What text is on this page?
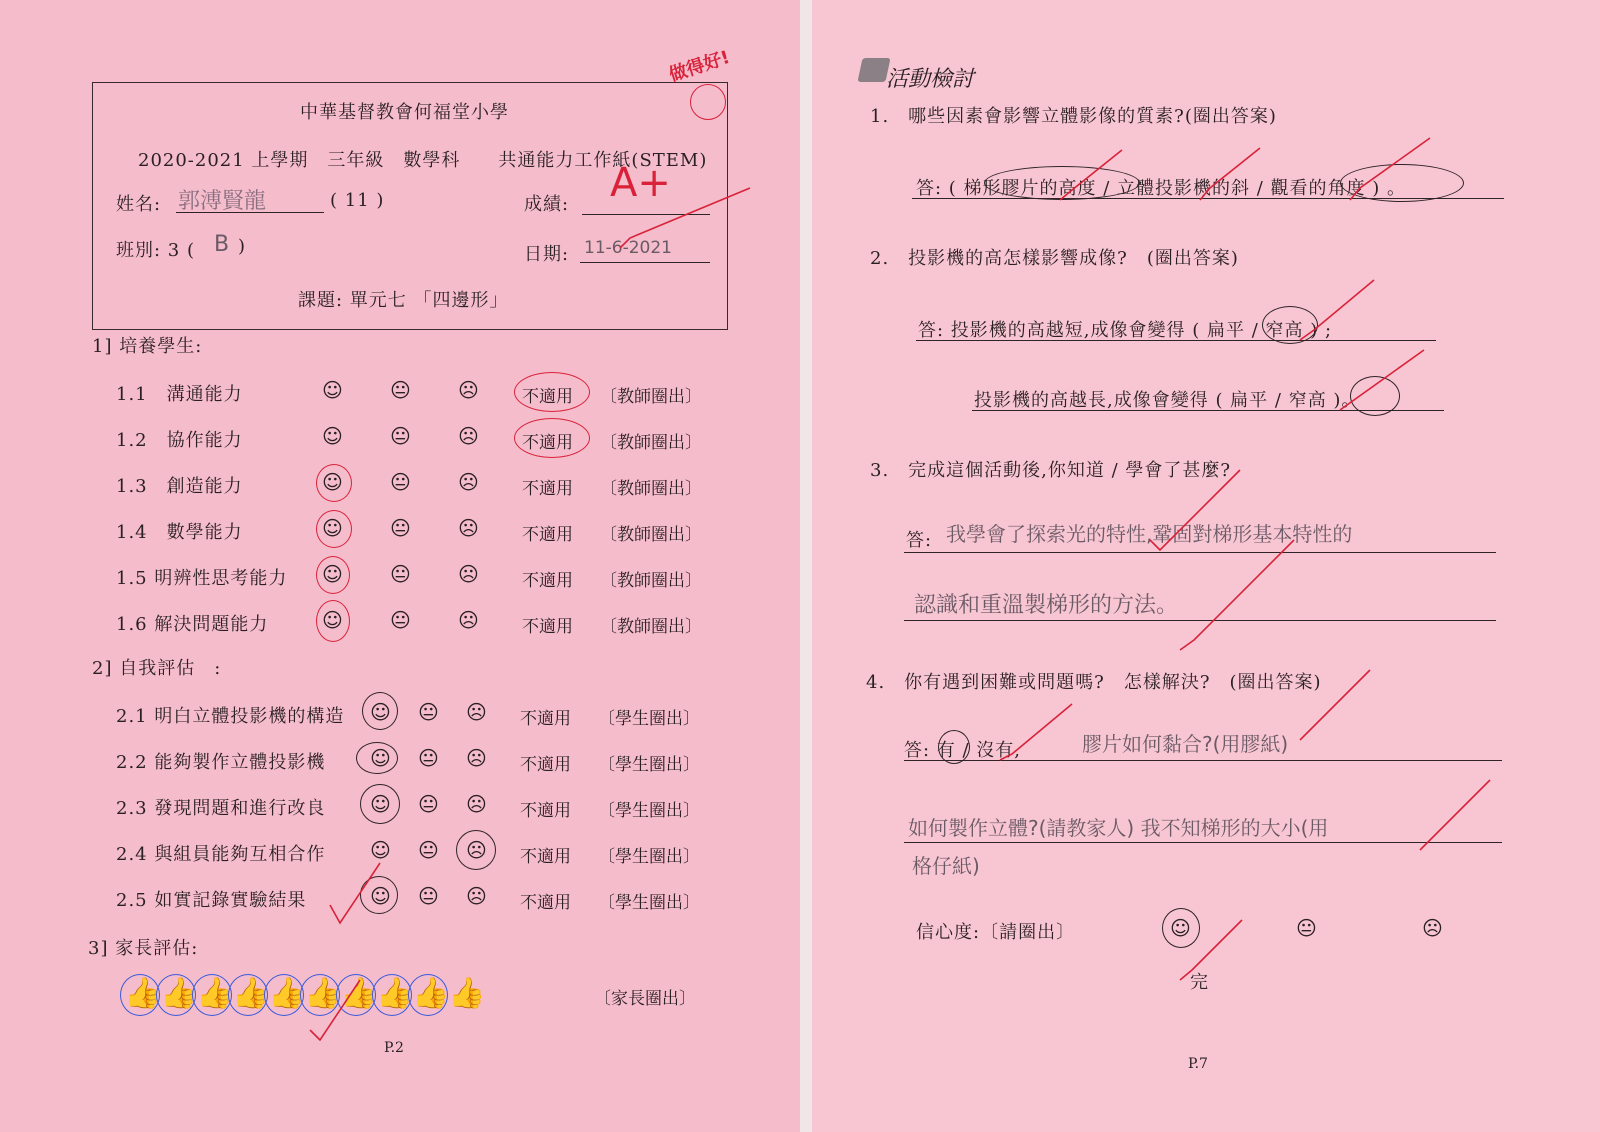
中華基督教會何福堂小學
2020-2021 上學期　三年級　數學科　　共通能力工作紙(STEM)
姓名: 郭溥賢龍	( 11 )	成績: A+
做得好!
班別: 3 ( B )	日期: 11-6-2021
課題: 單元七 「四邊形」
1] 培養學生:
1.1　溝通能力	☺ 😐 ☹	不適用 〔教師圈出〕
1.2　協作能力	☺ 😐 ☹	不適用 〔教師圈出〕
1.3　創造能力	☺ 😐 ☹	不適用 〔教師圈出〕
1.4　數學能力	☺ 😐 ☹	不適用 〔教師圈出〕
1.5 明辨性思考能力 ☺ 😐 ☹	不適用 〔教師圈出〕
1.6 解決問題能力	☺ 😐 ☹	不適用 〔教師圈出〕
2] 自我評估　:
2.1 明白立體投影機的構造 ☺ 😐 ☹ 不適用 〔學生圈出〕
2.2 能夠製作立體投影機 ☺ 😐 ☹ 不適用 〔學生圈出〕
2.3 發現問題和進行改良 ☺ 😐 ☹ 不適用 〔學生圈出〕
2.4 與組員能夠互相合作 ☺ 😐 ☹ 不適用 〔學生圈出〕
2.5 如實記錄實驗結果	☺ 😐 ☹ 不適用 〔學生圈出〕
3] 家長評估:
👍
👍
👍
👍
👍
👍
👍
👍
👍
👍	〔家長圈出〕
P.2
活動檢討
1.　哪些因素會影響立體影像的質素?(圈出答案)
答: ( 梯形膠片的高度 / 立體投影機的斜 / 觀看的角度 ) 。
2.　投影機的高怎樣影響成像?　(圈出答案)
答: 投影機的高越短,成像會變得 ( 扁平 / 窄高 ) ;
投影機的高越長,成像會變得 ( 扁平 / 窄高 )。
3.　完成這個活動後,你知道 / 學會了甚麼?
答: 我學會了探索光的特性,鞏固對梯形基本特性的
認識和重溫製梯形的方法。
4.　你有遇到困難或問題嗎?　怎樣解決?　(圈出答案)
答: 有 / 沒有,	膠片如何黏合?(用膠紙)
如何製作立體?(請教家人) 我不知梯形的大小(用
格仔紙)
信心度:〔請圈出〕	☺	😐	☹
完
P.7
